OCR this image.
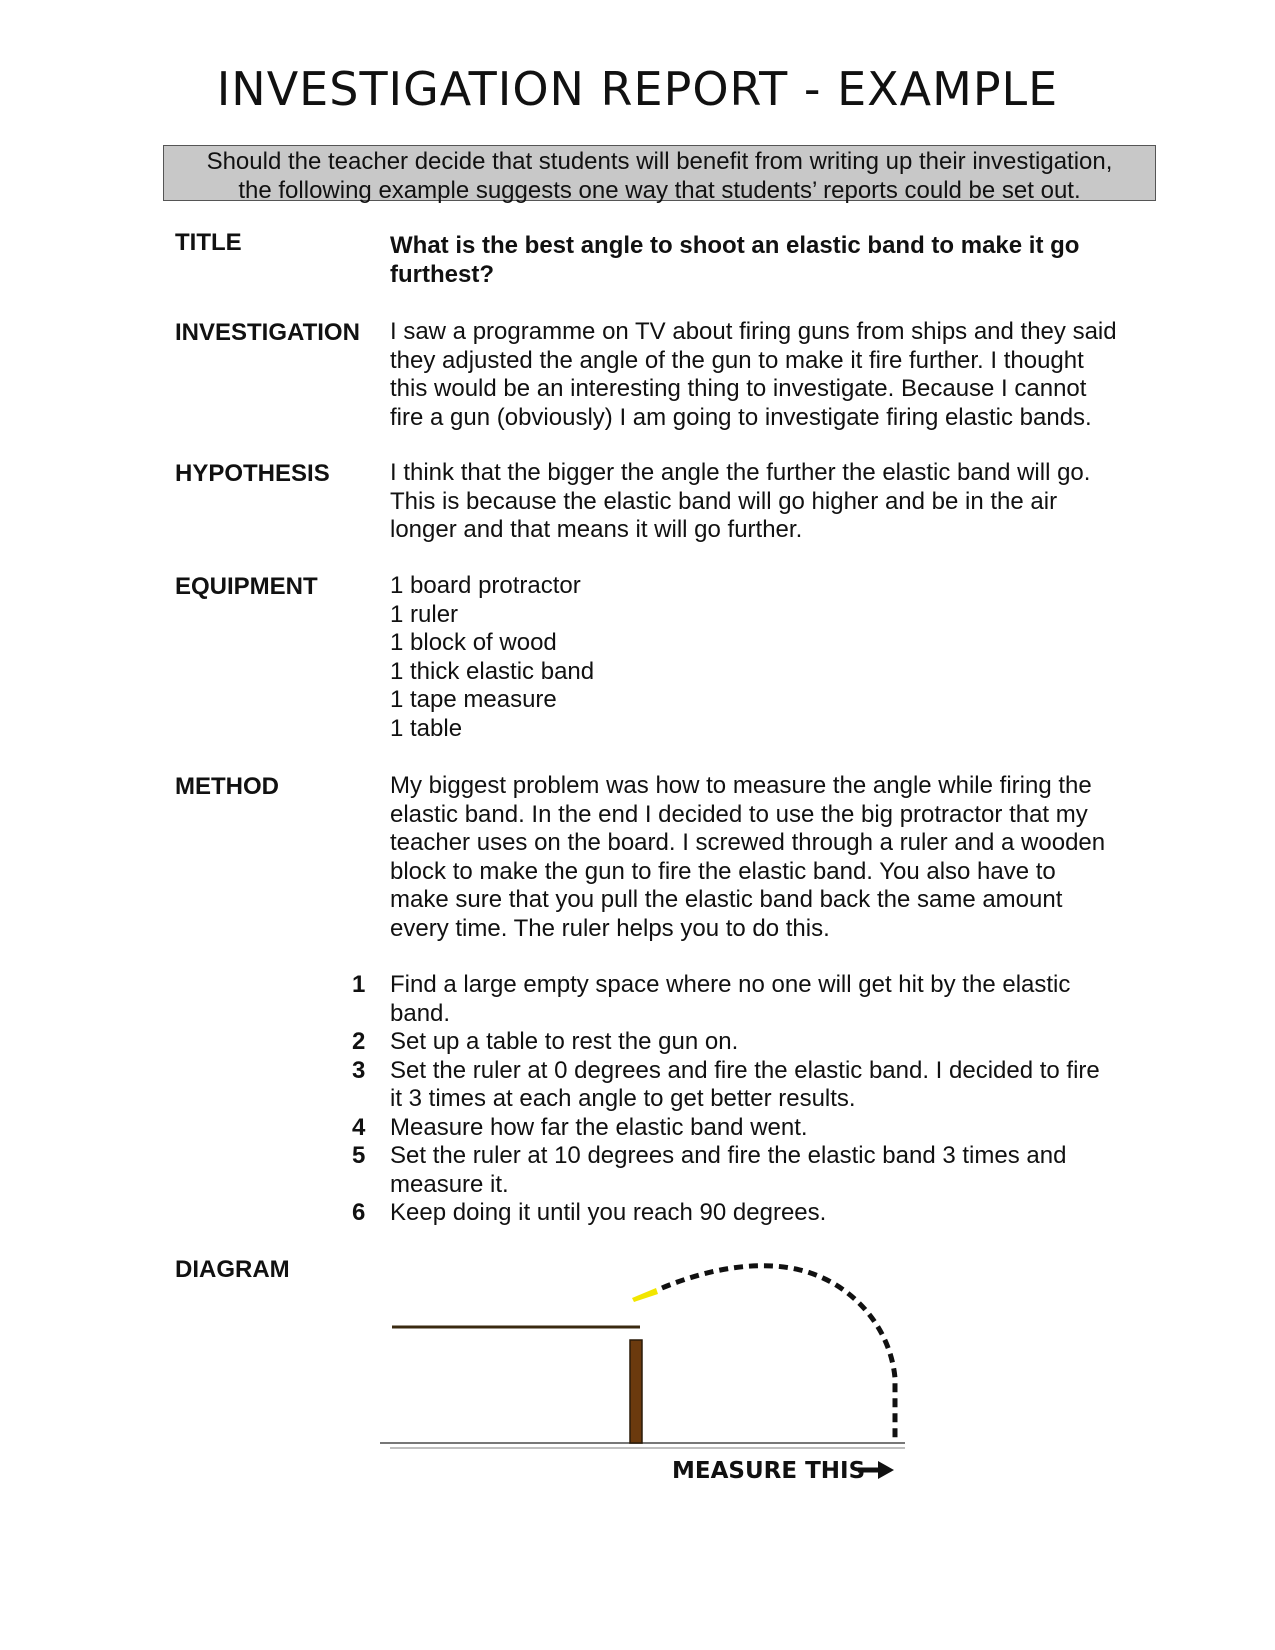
INVESTIGATION REPORT - EXAMPLE
Should the teacher decide that students will benefit from writing up their investigation,
the following example suggests one way that students’ reports could be set out.
TITLE	What is the best angle to shoot an elastic band to make it go
furthest?
INVESTIGATION I saw a programme on TV about firing guns from ships and they said
they adjusted the angle of the gun to make it fire further. I thought
this would be an interesting thing to investigate. Because I cannot
fire a gun (obviously) I am going to investigate firing elastic bands.
HYPOTHESIS	I think that the bigger the angle the further the elastic band will go.
This is because the elastic band will go higher and be in the air
longer and that means it will go further.
EQUIPMENT	1 board protractor
1 ruler
1 block of wood
1 thick elastic band
1 tape measure
1 table
METHOD	My biggest problem was how to measure the angle while firing the
elastic band. In the end I decided to use the big protractor that my
teacher uses on the board. I screwed through a ruler and a wooden
block to make the gun to fire the elastic band. You also have to
make sure that you pull the elastic band back the same amount
every time. The ruler helps you to do this.
1 Find a large empty space where no one will get hit by the elastic
band.
2 Set up a table to rest the gun on.
3 Set the ruler at 0 degrees and fire the elastic band. I decided to fire
it 3 times at each angle to get better results.
4 Measure how far the elastic band went.
5 Set the ruler at 10 degrees and fire the elastic band 3 times and
measure it.
6 Keep doing it until you reach 90 degrees.
DIAGRAM
MEASURE THIS
